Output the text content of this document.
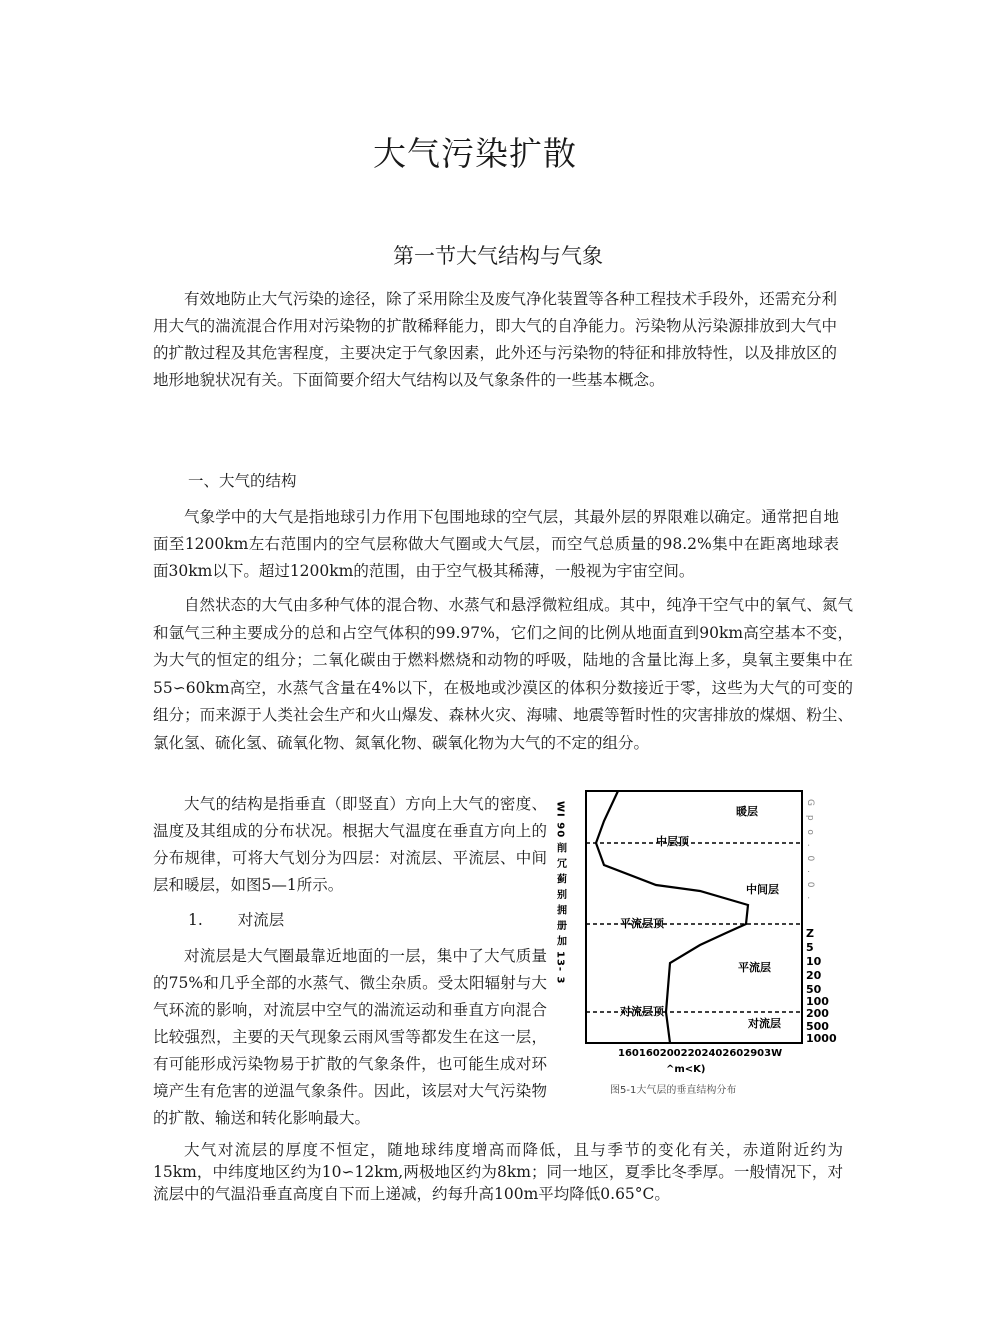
大气污染扩散
第一节大气结构与气象

有效地防止大气污染的途径，除了采用除尘及废气净化装置等各种工程技术手段外，还需充分利用大气的湍流混合作用对污染物的扩散稀释能力，即大气的自净能力。污染物从污染源排放到大气中的扩散过程及其危害程度，主要决定于气象因素，此外还与污染物的特征和排放特性，以及排放区的地形地貌状况有关。下面简要介绍大气结构以及气象条件的一些基本概念。

一、大气的结构

气象学中的大气是指地球引力作用下包围地球的空气层，其最外层的界限难以确定。通常把自地面至1200km左右范围内的空气层称做大气圈或大气层，而空气总质量的98.2%集中在距离地球表面30km以下。超过1200km的范围，由于空气极其稀薄，一般视为宇宙空间。

自然状态的大气由多种气体的混合物、水蒸气和悬浮微粒组成。其中，纯净干空气中的氧气、氮气和氩气三种主要成分的总和占空气体积的99.97%，它们之间的比例从地面直到90km高空基本不变，为大气的恒定的组分；二氧化碳由于燃料燃烧和动物的呼吸，陆地的含量比海上多，臭氧主要集中在55∽60km高空，水蒸气含量在4%以下，在极地或沙漠区的体积分数接近于零，这些为大气的可变的组分；而来源于人类社会生产和火山爆发、森林火灾、海啸、地震等暂时性的灾害排放的煤烟、粉尘、氯化氢、硫化氢、硫氧化物、氮氧化物、碳氧化物为大气的不定的组分。

大气的结构是指垂直（即竖直）方向上大气的密度、温度及其组成的分布状况。根据大气温度在垂直方向上的分布规律，可将大气划分为四层：对流层、平流层、中间层和暖层，如图5—1所示。

1. 对流层

对流层是大气圈最靠近地面的一层，集中了大气质量的75%和几乎全部的水蒸气、微尘杂质。受太阳辐射与大气环流的影响，对流层中空气的湍流运动和垂直方向混合比较强烈，主要的天气现象云雨风雪等都发生在这一层，有可能形成污染物易于扩散的气象条件，也可能生成对环境产生有危害的逆温气象条件。因此，该层对大气污染物的扩散、输送和转化影响最大。

大气对流层的厚度不恒定，随地球纬度增高而降低，且与季节的变化有关，赤道附近约为15km，中纬度地区约为10∽12km,两极地区约为8km；同一地区，夏季比冬季厚。一般情况下，对流层中的气温沿垂直高度自下而上递减，约每升高100m平均降低0.65°C。

WI 90 削 冗 蓟 别 拥 册 加 13- 3	暖层
中层顶
中间层
平流层顶
平流层
对流层顶
对流层
G p o . 0 . 0 .
Z
5
10
20
50
100
200
500
1000
1601602002202402602903W
^m<K)
图5-1大气层的垂直结构分布
